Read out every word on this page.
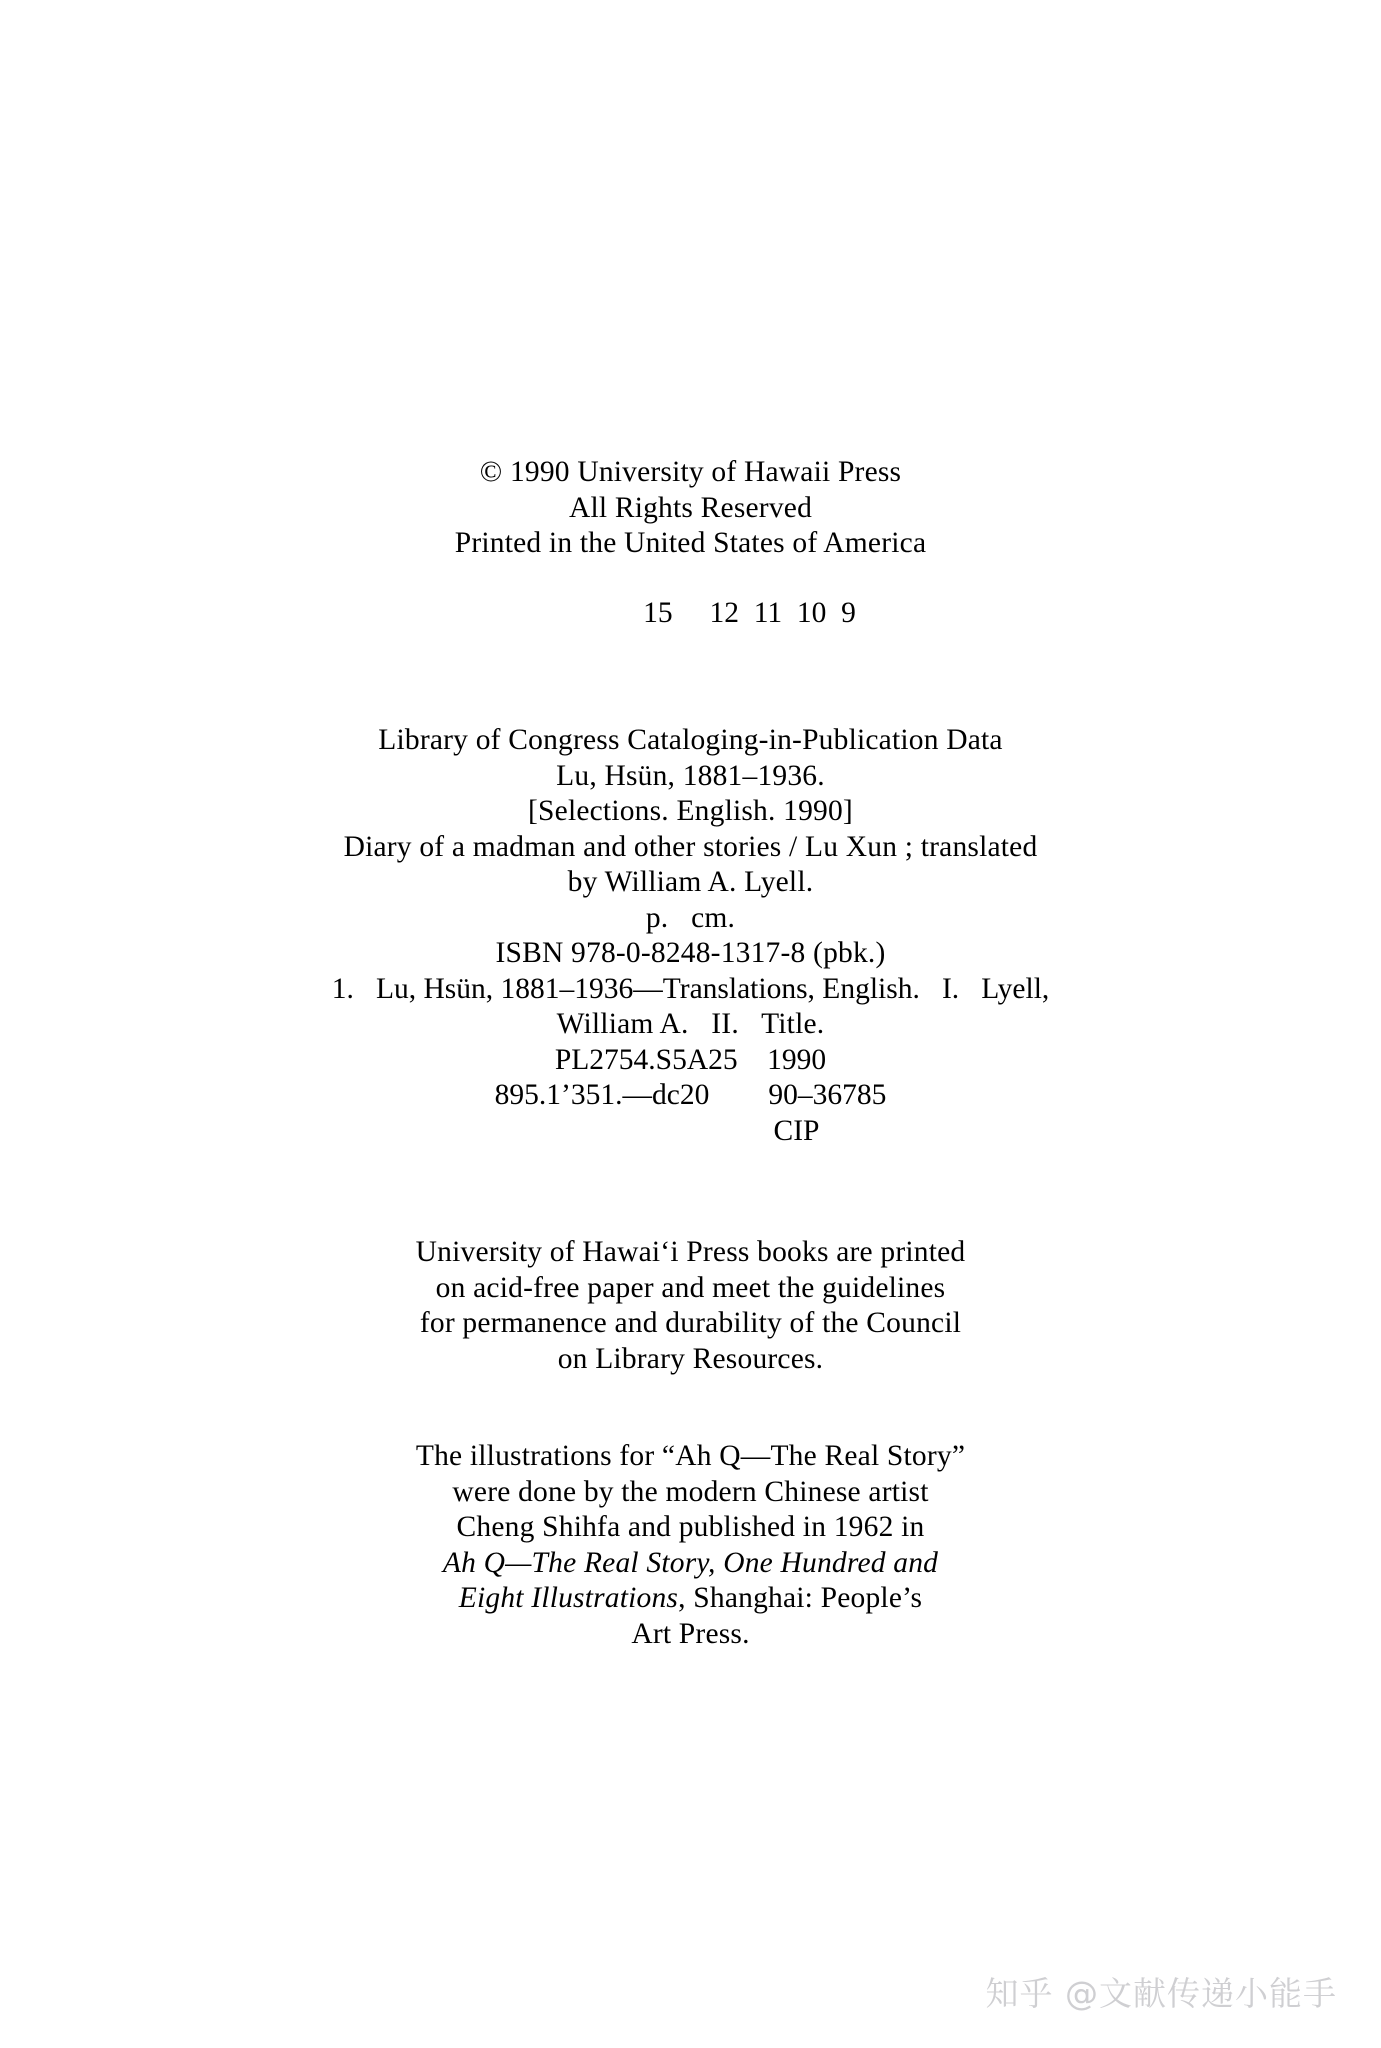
© 1990 University of Hawaii Press
All Rights Reserved
Printed in the United States of America
15     12  11  10  9
Library of Congress Cataloging-in-Publication Data
Lu, Hsün, 1881–1936.
[Selections. English. 1990]
Diary of a madman and other stories / Lu Xun ; translated
by William A. Lyell.
p.   cm.
ISBN 978-0-8248-1317-8 (pbk.)
1.   Lu, Hsün, 1881–1936—Translations, English.   I.   Lyell,
William A.   II.   Title.
PL2754.S5A25    1990
895.1’351.—dc20 90–36785
CIP
University of Hawai‘i Press books are printed
on acid-free paper and meet the guidelines
for permanence and durability of the Council
on Library Resources.
The illustrations for “Ah Q—The Real Story”
were done by the modern Chinese artist
Cheng Shihfa and published in 1962 in
Ah Q—The Real Story, One Hundred and
Eight Illustrations, Shanghai: People’s
Art Press.
知乎 @文献传递小能手
